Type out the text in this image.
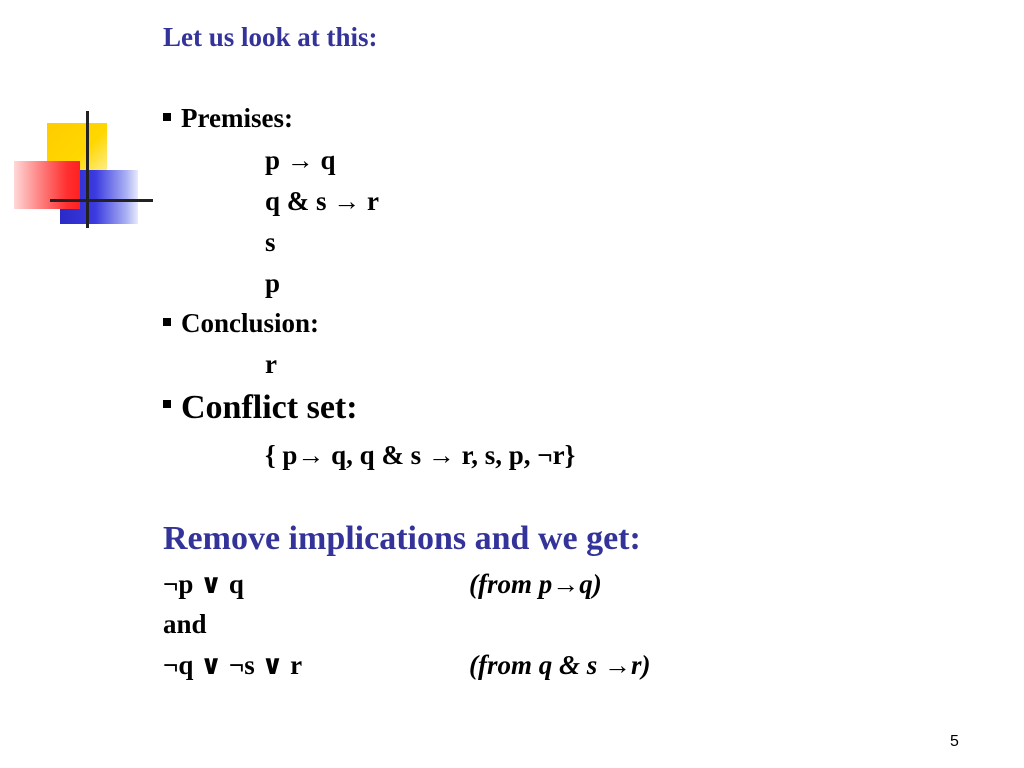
Let us look at this:
Premises:
p → q
q & s → r
s
p
Conclusion:
r
Conflict set:
{ p→ q, q & s → r, s, p, ¬r}
Remove implications and we get:
¬p ∨ q	(from p→q)
and
¬q ∨ ¬s ∨ r	(from q & s →r)
5
